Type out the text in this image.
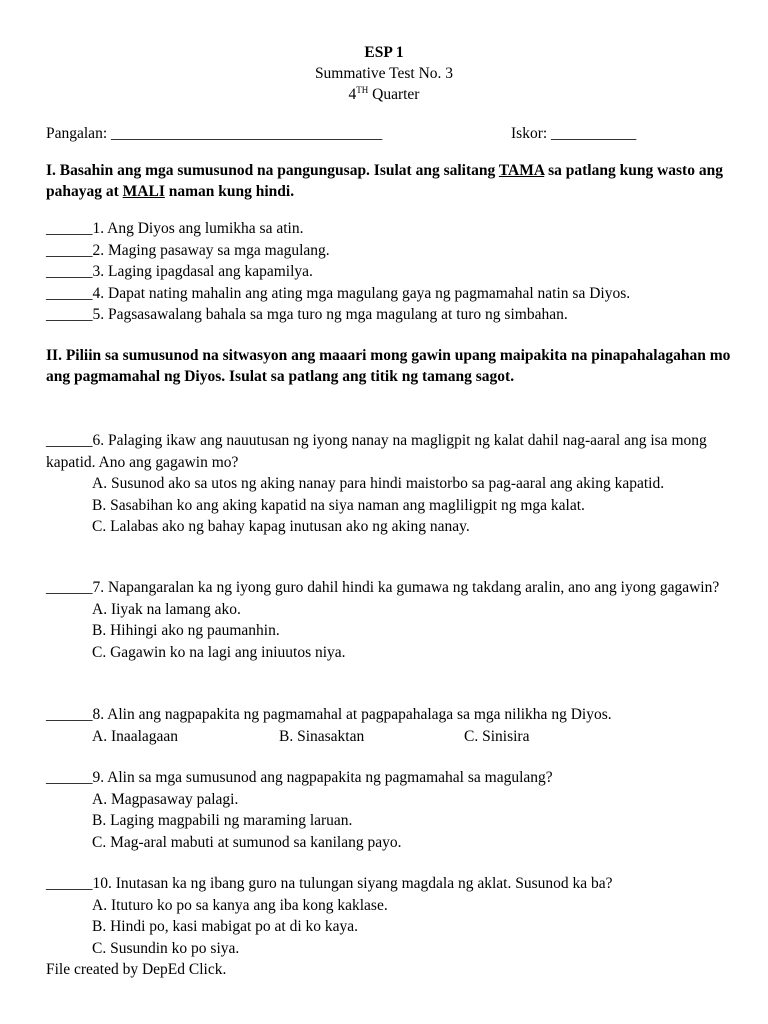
ESP 1
Summative Test No. 3
4TH Quarter
Pangalan: ___________________________________	Iskor: ___________
I. Basahin ang mga sumusunod na pangungusap. Isulat ang salitang TAMA sa patlang kung wasto ang pahayag at MALI naman kung hindi.
______1. Ang Diyos ang lumikha sa atin.
______2. Maging pasaway sa mga magulang.
______3. Laging ipagdasal ang kapamilya.
______4. Dapat nating mahalin ang ating mga magulang gaya ng pagmamahal natin sa Diyos.
______5. Pagsasawalang bahala sa mga turo ng mga magulang at turo ng simbahan.
II. Piliin sa sumusunod na sitwasyon ang maaari mong gawin upang maipakita na pinapahalagahan mo ang pagmamahal ng Diyos. Isulat sa patlang ang titik ng tamang sagot.
______6. Palaging ikaw ang nauutusan ng iyong nanay na magligpit ng kalat dahil nag-aaral ang isa mong kapatid. Ano ang gagawin mo?
A. Susunod ako sa utos ng aking nanay para hindi maistorbo sa pag-aaral ang aking kapatid.
B. Sasabihan ko ang aking kapatid na siya naman ang magliligpit ng mga kalat.
C. Lalabas ako ng bahay kapag inutusan ako ng aking nanay.
______7. Napangaralan ka ng iyong guro dahil hindi ka gumawa ng takdang aralin, ano ang iyong gagawin?
A. Iiyak na lamang ako.
B. Hihingi ako ng paumanhin.
C. Gagawin ko na lagi ang iniuutos niya.
______8. Alin ang nagpapakita ng pagmamahal at pagpapahalaga sa mga nilikha ng Diyos.
A. Inaalagaan	B. Sinasaktan	C. Sinisira
______9. Alin sa mga sumusunod ang nagpapakita ng pagmamahal sa magulang?
A. Magpasaway palagi.
B. Laging magpabili ng maraming laruan.
C. Mag-aral mabuti at sumunod sa kanilang payo.
______10. Inutasan ka ng ibang guro na tulungan siyang magdala ng aklat. Susunod ka ba?
A. Ituturo ko po sa kanya ang iba kong kaklase.
B. Hindi po, kasi mabigat po at di ko kaya.
C. Susundin ko po siya.
File created by DepEd Click.
